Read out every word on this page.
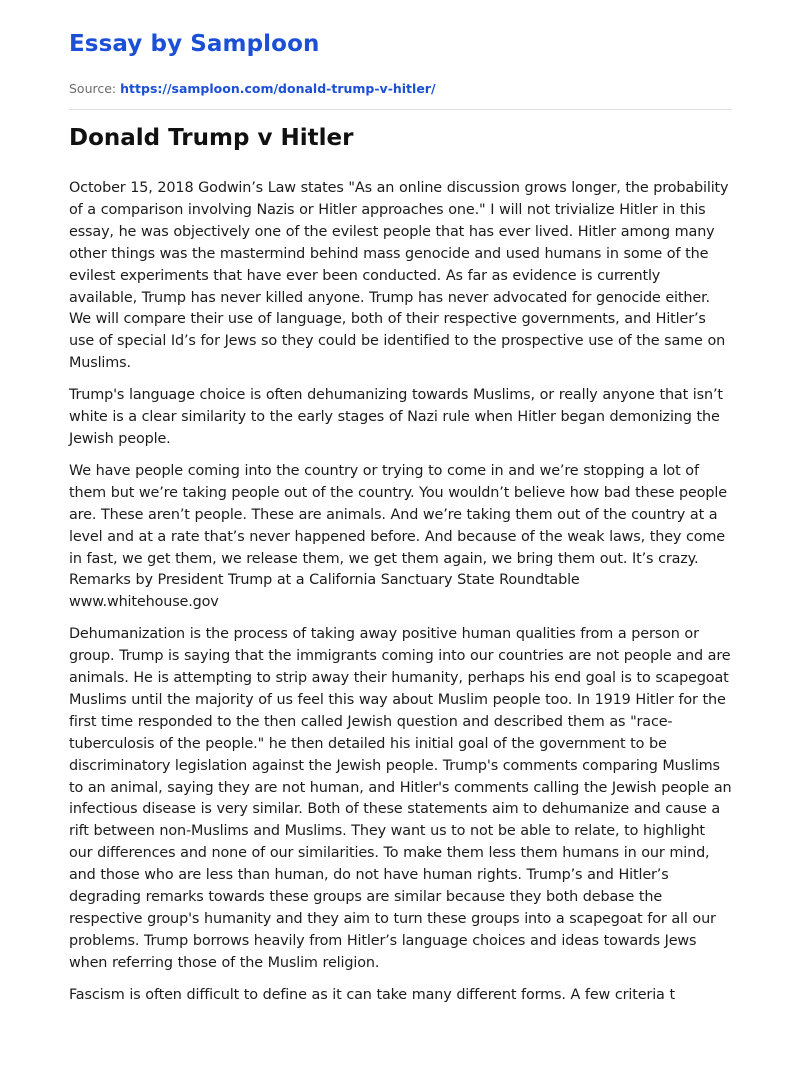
Essay by Samploon
Source: https://samploon.com/donald-trump-v-hitler/
Donald Trump v Hitler

October 15, 2018 Godwin’s Law states "As an online discussion grows longer, the probability of a comparison involving Nazis or Hitler approaches one." I will not trivialize Hitler in this essay, he was objectively one of the evilest people that has ever lived. Hitler among many other things was the mastermind behind mass genocide and used humans in some of the evilest experiments that have ever been conducted. As far as evidence is currently available, Trump has never killed anyone. Trump has never advocated for genocide either. We will compare their use of language, both of their respective governments, and Hitler’s use of special Id’s for Jews so they could be identified to the prospective use of the same on Muslims.

Trump's language choice is often dehumanizing towards Muslims, or really anyone that isn’t white is a clear similarity to the early stages of Nazi rule when Hitler began demonizing the Jewish people.

We have people coming into the country or trying to come in and we’re stopping a lot of them but we’re taking people out of the country. You wouldn’t believe how bad these people are. These aren’t people. These are animals. And we’re taking them out of the country at a level and at a rate that’s never happened before. And because of the weak laws, they come in fast, we get them, we release them, we get them again, we bring them out. It’s crazy. Remarks by President Trump at a California Sanctuary State Roundtable www.whitehouse.gov

Dehumanization is the process of taking away positive human qualities from a person or group. Trump is saying that the immigrants coming into our countries are not people and are animals. He is attempting to strip away their humanity, perhaps his end goal is to scapegoat Muslims until the majority of us feel this way about Muslim people too. In 1919 Hitler for the first time responded to the then called Jewish question and described them as "race-tuberculosis of the people." he then detailed his initial goal of the government to be discriminatory legislation against the Jewish people. Trump's comments comparing Muslims to an animal, saying they are not human, and Hitler's comments calling the Jewish people an infectious disease is very similar. Both of these statements aim to dehumanize and cause a rift between non-Muslims and Muslims. They want us to not be able to relate, to highlight our differences and none of our similarities. To make them less them humans in our mind, and those who are less than human, do not have human rights. Trump’s and Hitler’s degrading remarks towards these groups are similar because they both debase the respective group's humanity and they aim to turn these groups into a scapegoat for all our problems. Trump borrows heavily from Hitler’s language choices and ideas towards Jews when referring those of the Muslim religion.

Fascism is often difficult to define as it can take many different forms. A few criteria t
